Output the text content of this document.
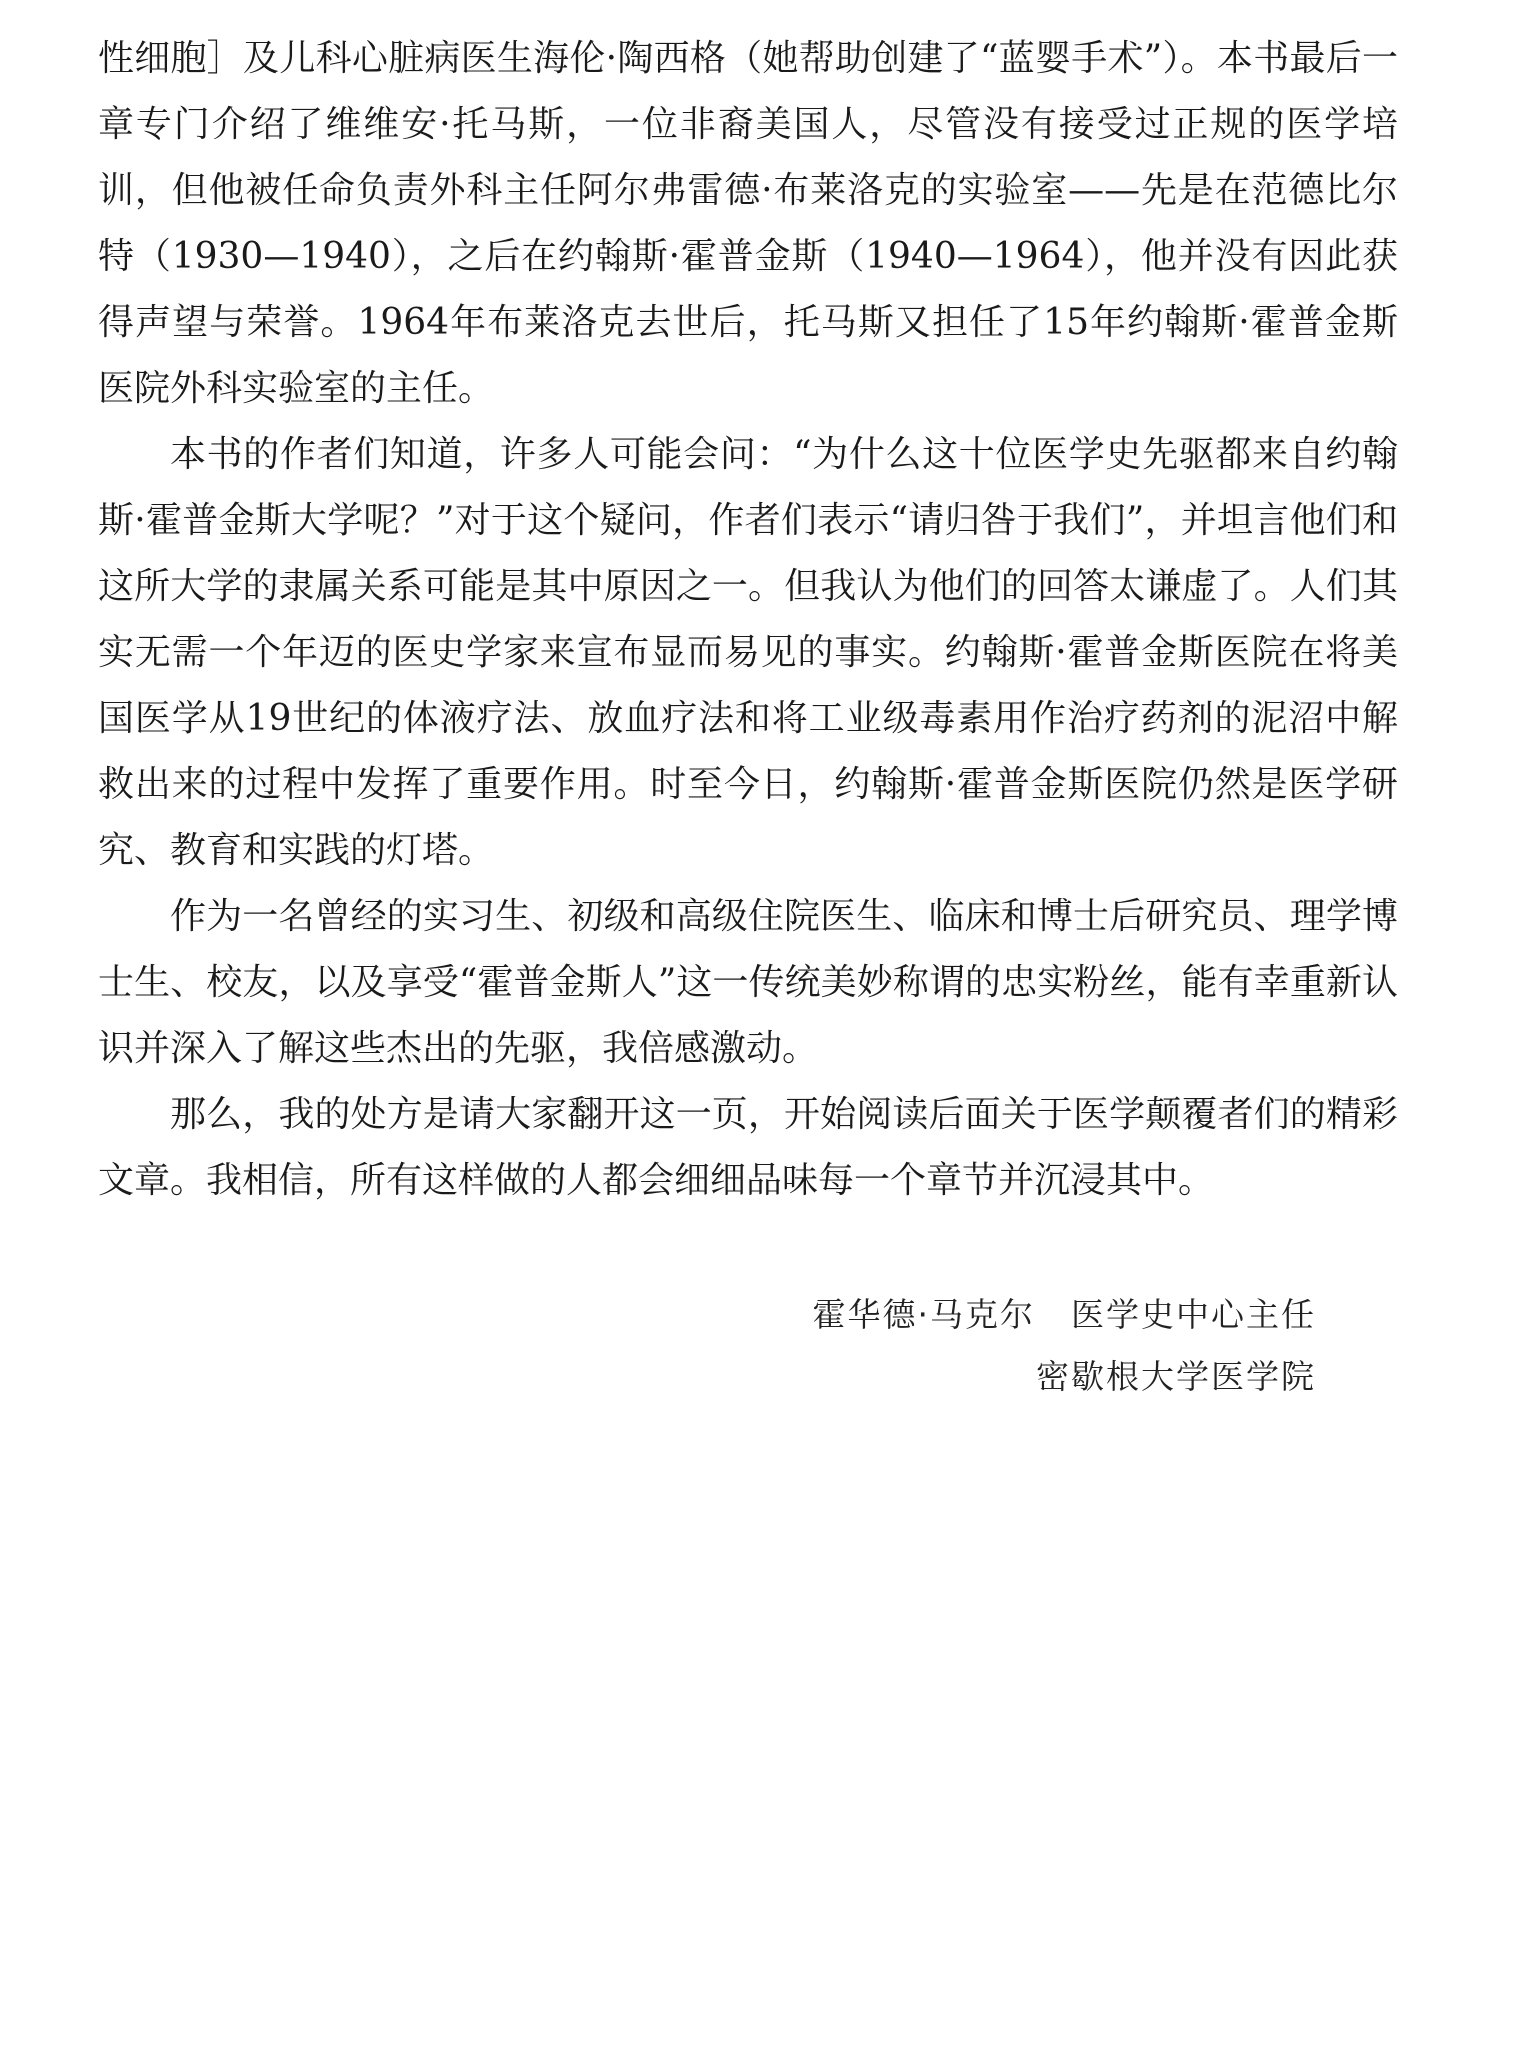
性细胞］及儿科心脏病医生海伦·陶西格（她帮助创建了“蓝婴手术”）。本书最后一章专门介绍了维维安·托马斯，一位非裔美国人，尽管没有接受过正规的医学培训，但他被任命负责外科主任阿尔弗雷德·布莱洛克的实验室——先是在范德比尔特（1930—1940），之后在约翰斯·霍普金斯（1940—1964），他并没有因此获得声望与荣誉。1964年布莱洛克去世后，托马斯又担任了15年约翰斯·霍普金斯医院外科实验室的主任。

本书的作者们知道，许多人可能会问：“为什么这十位医学史先驱都来自约翰斯·霍普金斯大学呢？”对于这个疑问，作者们表示“请归咎于我们”，并坦言他们和这所大学的隶属关系可能是其中原因之一。但我认为他们的回答太谦虚了。人们其实无需一个年迈的医史学家来宣布显而易见的事实。约翰斯·霍普金斯医院在将美国医学从19世纪的体液疗法、放血疗法和将工业级毒素用作治疗药剂的泥沼中解救出来的过程中发挥了重要作用。时至今日，约翰斯·霍普金斯医院仍然是医学研究、教育和实践的灯塔。

作为一名曾经的实习生、初级和高级住院医生、临床和博士后研究员、理学博士生、校友，以及享受“霍普金斯人”这一传统美妙称谓的忠实粉丝，能有幸重新认识并深入了解这些杰出的先驱，我倍感激动。

那么，我的处方是请大家翻开这一页，开始阅读后面关于医学颠覆者们的精彩文章。我相信，所有这样做的人都会细细品味每一个章节并沉浸其中。

霍华德·马克尔 医学史中心主任
密歇根大学医学院
